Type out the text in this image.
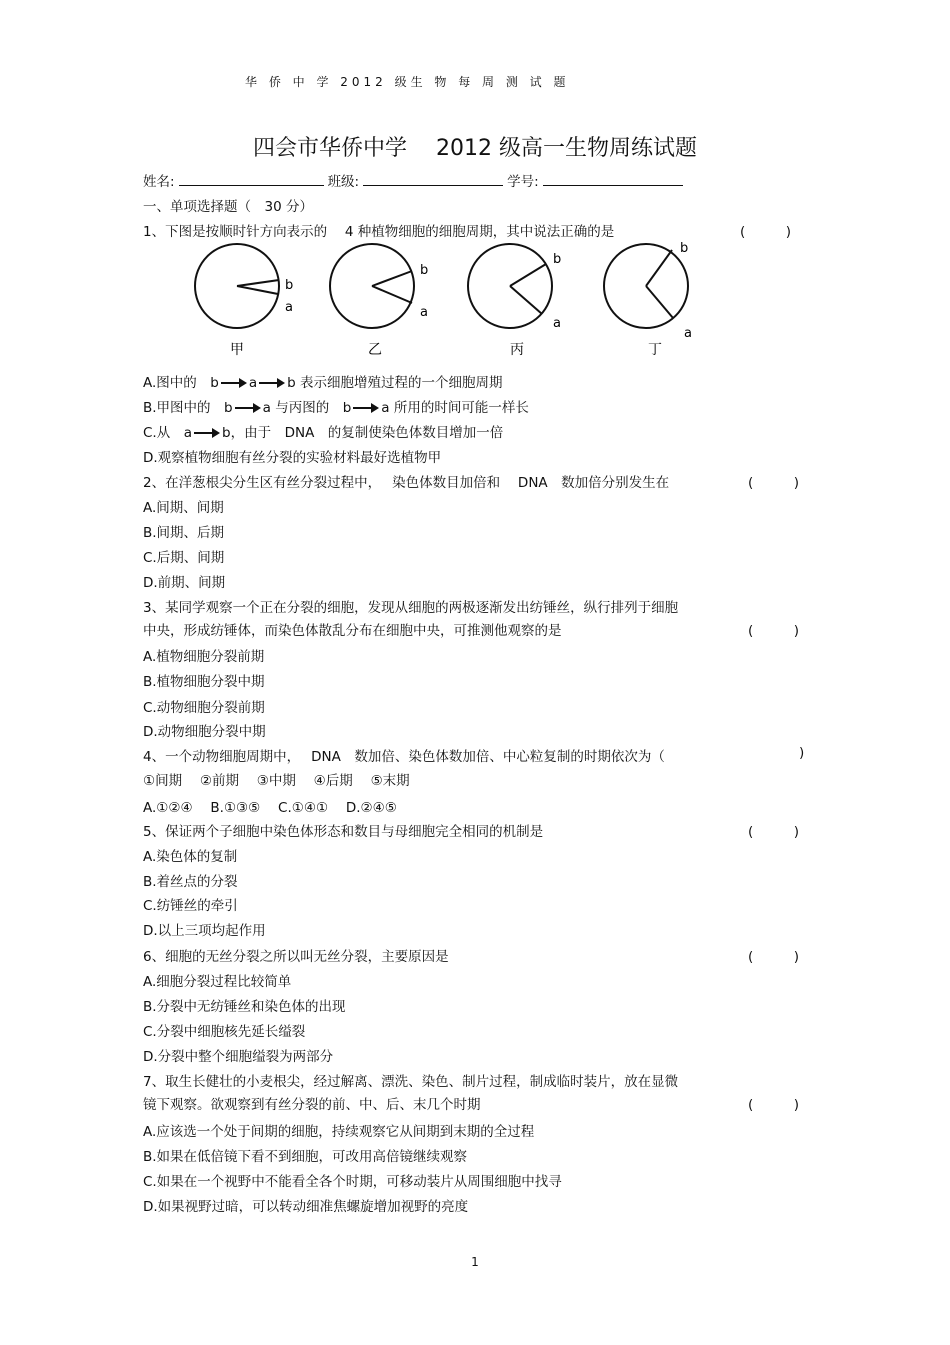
华 侨 中 学 2012 级生 物 每 周 测 试 题
四会市华侨中学　 2012 级高一生物周练试题
姓名:	班级:	学号:
一、单项选择题（　30 分）
1、下图是按顺时针方向表示的　 4 种植物细胞的细胞周期，其中说法正确的是	(　　　)
b
a
甲
b
a
乙
b
a
丙
b
a
丁
A.图中的　b a b 表示细胞增殖过程的一个细胞周期
B.甲图中的　b a 与丙图的　b a 所用的时间可能一样长
C.从　a b，由于　DNA　的复制使染色体数目增加一倍
D.观察植物细胞有丝分裂的实验材料最好选植物甲
2、在洋葱根尖分生区有丝分裂过程中，　 染色体数目加倍和　 DNA　数加倍分别发生在	(　　　)
A.间期、间期
B.间期、后期
C.后期、间期
D.前期、间期
3、某同学观察一个正在分裂的细胞，发现从细胞的两极逐渐发出纺锤丝，纵行排列于细胞
中央，形成纺锤体，而染色体散乱分布在细胞中央，可推测他观察的是	(　　　)
A.植物细胞分裂前期
B.植物细胞分裂中期
C.动物细胞分裂前期
D.动物细胞分裂中期
4、一个动物细胞周期中，　 DNA　数加倍、染色体数加倍、中心粒复制的时期依次为（	)
①间期　 ②前期　 ③中期　 ④后期　 ⑤末期
A.①②④　 B.①③⑤　 C.①④①　 D.②④⑤
5、保证两个子细胞中染色体形态和数目与母细胞完全相同的机制是	(　　　)
A.染色体的复制
B.着丝点的分裂
C.纺锤丝的牵引
D.以上三项均起作用
6、细胞的无丝分裂之所以叫无丝分裂，主要原因是	(　　　)
A.细胞分裂过程比较简单
B.分裂中无纺锤丝和染色体的出现
C.分裂中细胞核先延长缢裂
D.分裂中整个细胞缢裂为两部分
7、取生长健壮的小麦根尖，经过解离、漂洗、染色、制片过程，制成临时装片，放在显微
镜下观察。欲观察到有丝分裂的前、中、后、末几个时期	(　　　)
A.应该选一个处于间期的细胞，持续观察它从间期到末期的全过程
B.如果在低倍镜下看不到细胞，可改用高倍镜继续观察
C.如果在一个视野中不能看全各个时期，可移动装片从周围细胞中找寻
D.如果视野过暗，可以转动细准焦螺旋增加视野的亮度
1
